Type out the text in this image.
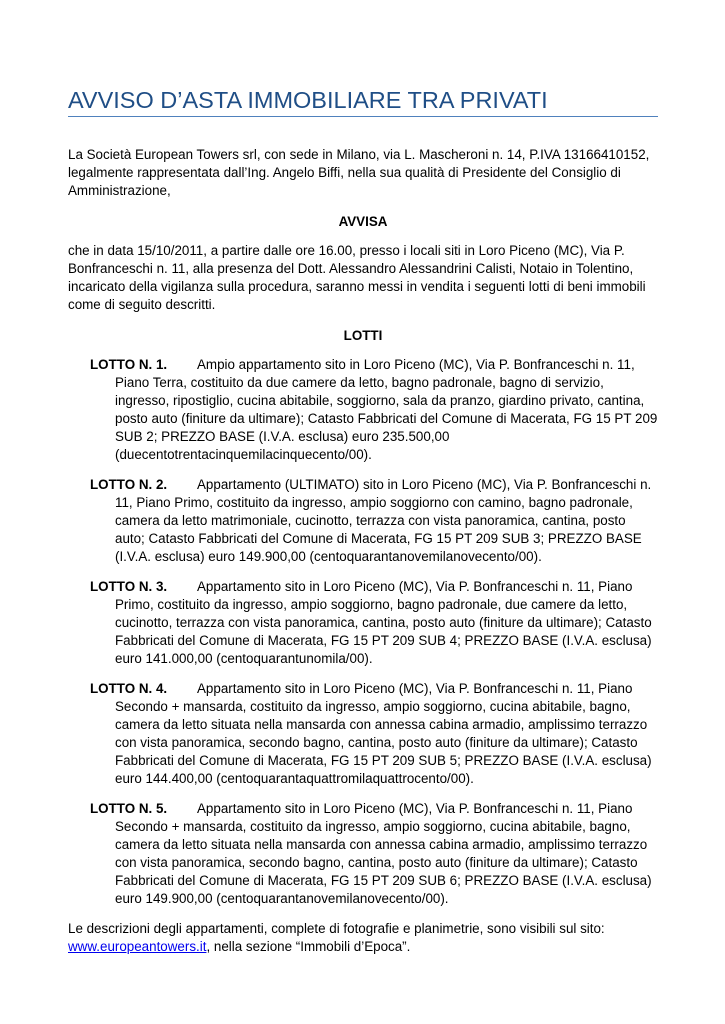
AVVISO D’ASTA IMMOBILIARE TRA PRIVATI

La Società European Towers srl, con sede in Milano, via L. Mascheroni n. 14, P.IVA 13166410152, legalmente rappresentata dall’Ing. Angelo Biffi, nella sua qualità di Presidente del Consiglio di Amministrazione,

AVVISA

che in data 15/10/2011, a partire dalle ore 16.00, presso i locali siti in Loro Piceno (MC), Via P. Bonfranceschi n. 11, alla presenza del Dott. Alessandro Alessandrini Calisti, Notaio in Tolentino, incaricato della vigilanza sulla procedura, saranno messi in vendita i seguenti lotti di beni immobili come di seguito descritti.

LOTTI

LOTTO N. 1. Ampio appartamento sito in Loro Piceno (MC), Via P. Bonfranceschi n. 11, Piano Terra, costituito da due camere da letto, bagno padronale, bagno di servizio, ingresso, ripostiglio, cucina abitabile, soggiorno, sala da pranzo, giardino privato, cantina, posto auto (finiture da ultimare); Catasto Fabbricati del Comune di Macerata, FG 15 PT 209 SUB 2; PREZZO BASE (I.V.A. esclusa) euro 235.500,00 (duecentotrentacinquemilacinquecento/00).

LOTTO N. 2. Appartamento (ULTIMATO) sito in Loro Piceno (MC), Via P. Bonfranceschi n. 11, Piano Primo, costituito da ingresso, ampio soggiorno con camino, bagno padronale, camera da letto matrimoniale, cucinotto, terrazza con vista panoramica, cantina, posto auto; Catasto Fabbricati del Comune di Macerata, FG 15 PT 209 SUB 3; PREZZO BASE (I.V.A. esclusa) euro 149.900,00 (centoquarantanovemilanovecento/00).

LOTTO N. 3. Appartamento sito in Loro Piceno (MC), Via P. Bonfranceschi n. 11, Piano Primo, costituito da ingresso, ampio soggiorno, bagno padronale, due camere da letto, cucinotto, terrazza con vista panoramica, cantina, posto auto (finiture da ultimare); Catasto Fabbricati del Comune di Macerata, FG 15 PT 209 SUB 4; PREZZO BASE (I.V.A. esclusa) euro 141.000,00 (centoquarantunomila/00).

LOTTO N. 4. Appartamento sito in Loro Piceno (MC), Via P. Bonfranceschi n. 11, Piano Secondo + mansarda, costituito da ingresso, ampio soggiorno, cucina abitabile, bagno, camera da letto situata nella mansarda con annessa cabina armadio, amplissimo terrazzo con vista panoramica, secondo bagno, cantina, posto auto (finiture da ultimare); Catasto Fabbricati del Comune di Macerata, FG 15 PT 209 SUB 5; PREZZO BASE (I.V.A. esclusa) euro 144.400,00 (centoquarantaquattromilaquattrocento/00).

LOTTO N. 5. Appartamento sito in Loro Piceno (MC), Via P. Bonfranceschi n. 11, Piano Secondo + mansarda, costituito da ingresso, ampio soggiorno, cucina abitabile, bagno, camera da letto situata nella mansarda con annessa cabina armadio, amplissimo terrazzo con vista panoramica, secondo bagno, cantina, posto auto (finiture da ultimare); Catasto Fabbricati del Comune di Macerata, FG 15 PT 209 SUB 6; PREZZO BASE (I.V.A. esclusa) euro 149.900,00 (centoquarantanovemilanovecento/00).

Le descrizioni degli appartamenti, complete di fotografie e planimetrie, sono visibili sul sito: www.europeantowers.it, nella sezione “Immobili d’Epoca”.
